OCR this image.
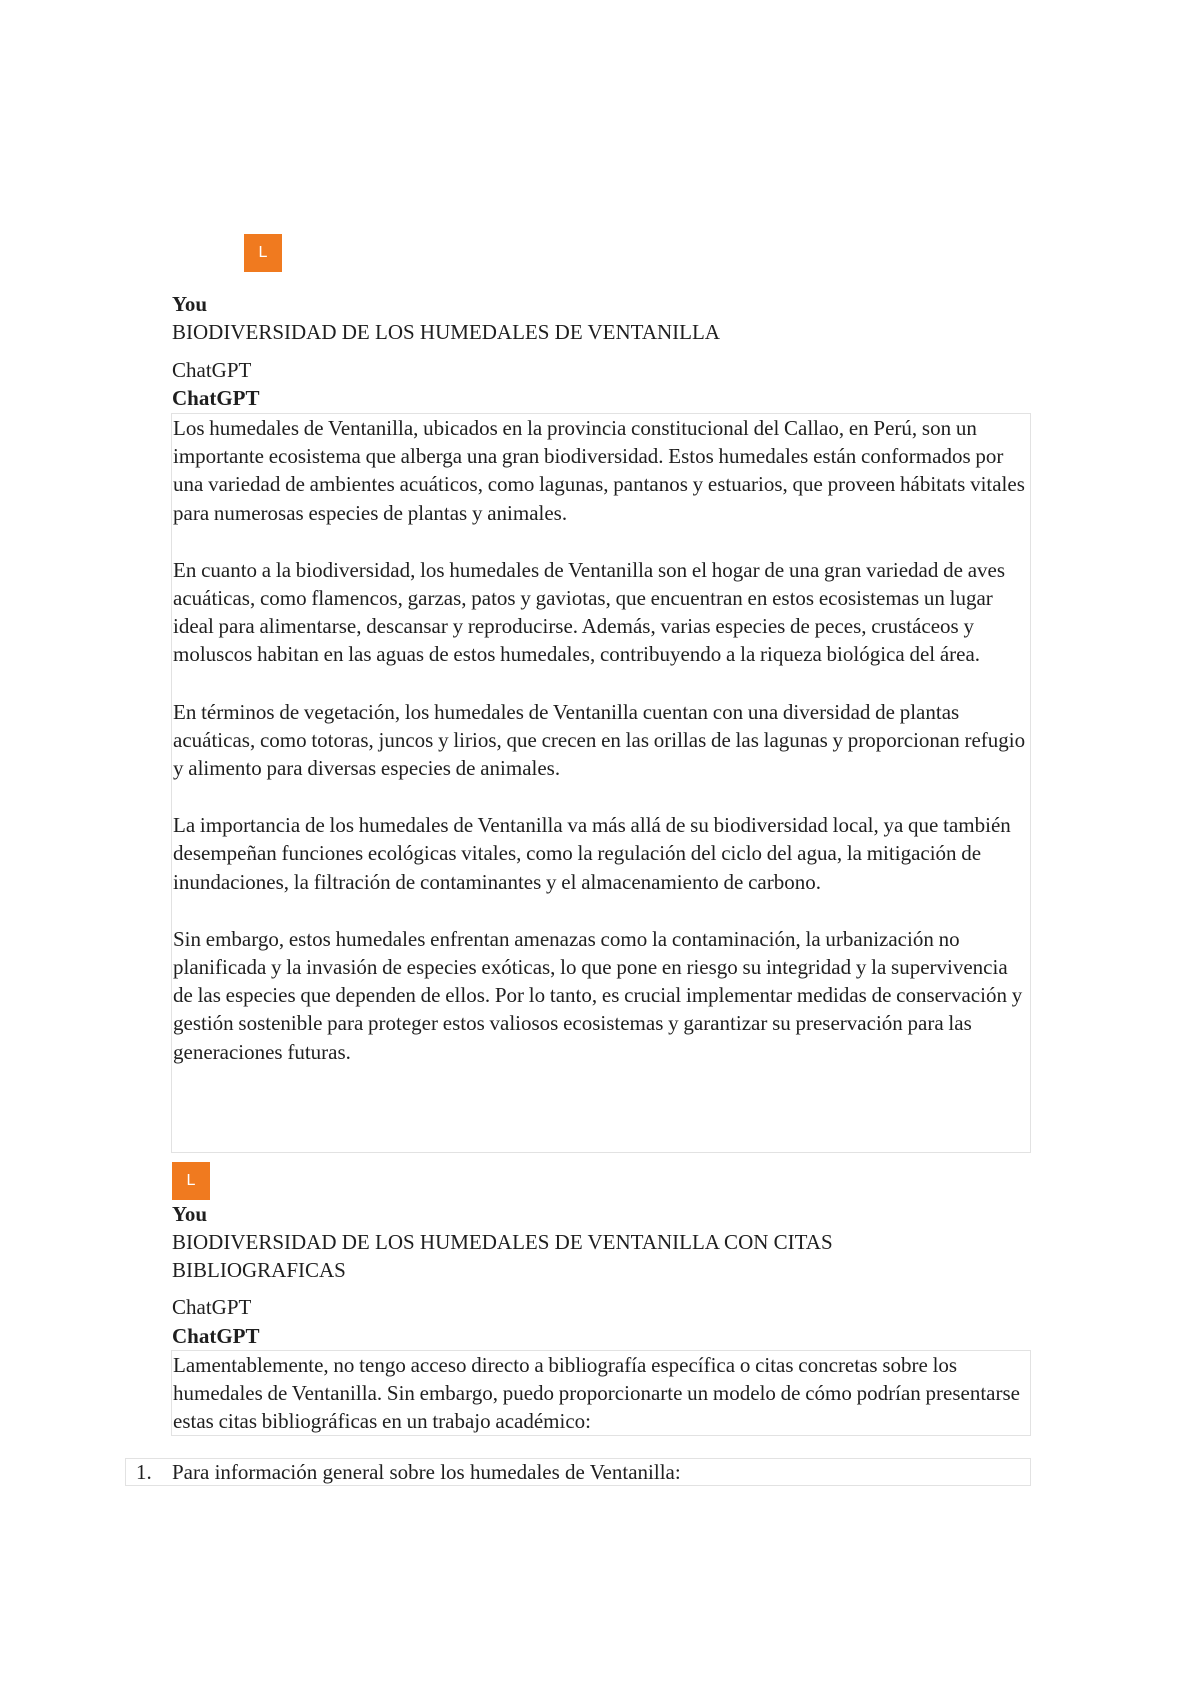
L
You
BIODIVERSIDAD DE LOS HUMEDALES DE VENTANILLA
ChatGPT
ChatGPT

Los humedales de Ventanilla, ubicados en la provincia constitucional del Callao, en Perú, son un importante ecosistema que alberga una gran biodiversidad. Estos humedales están conformados por una variedad de ambientes acuáticos, como lagunas, pantanos y estuarios, que proveen hábitats vitales para numerosas especies de plantas y animales.

En cuanto a la biodiversidad, los humedales de Ventanilla son el hogar de una gran variedad de aves acuáticas, como flamencos, garzas, patos y gaviotas, que encuentran en estos ecosistemas un lugar ideal para alimentarse, descansar y reproducirse. Además, varias especies de peces, crustáceos y moluscos habitan en las aguas de estos humedales, contribuyendo a la riqueza biológica del área.

En términos de vegetación, los humedales de Ventanilla cuentan con una diversidad de plantas acuáticas, como totoras, juncos y lirios, que crecen en las orillas de las lagunas y proporcionan refugio y alimento para diversas especies de animales.

La importancia de los humedales de Ventanilla va más allá de su biodiversidad local, ya que también desempeñan funciones ecológicas vitales, como la regulación del ciclo del agua, la mitigación de inundaciones, la filtración de contaminantes y el almacenamiento de carbono.

Sin embargo, estos humedales enfrentan amenazas como la contaminación, la urbanización no planificada y la invasión de especies exóticas, lo que pone en riesgo su integridad y la supervivencia de las especies que dependen de ellos. Por lo tanto, es crucial implementar medidas de conservación y gestión sostenible para proteger estos valiosos ecosistemas y garantizar su preservación para las generaciones futuras.

L
You
BIODIVERSIDAD DE LOS HUMEDALES DE VENTANILLA CON CITAS
BIBLIOGRAFICAS
ChatGPT
ChatGPT

Lamentablemente, no tengo acceso directo a bibliografía específica o citas concretas sobre los humedales de Ventanilla. Sin embargo, puedo proporcionarte un modelo de cómo podrían presentarse estas citas bibliográficas en un trabajo académico:

1. Para información general sobre los humedales de Ventanilla:
